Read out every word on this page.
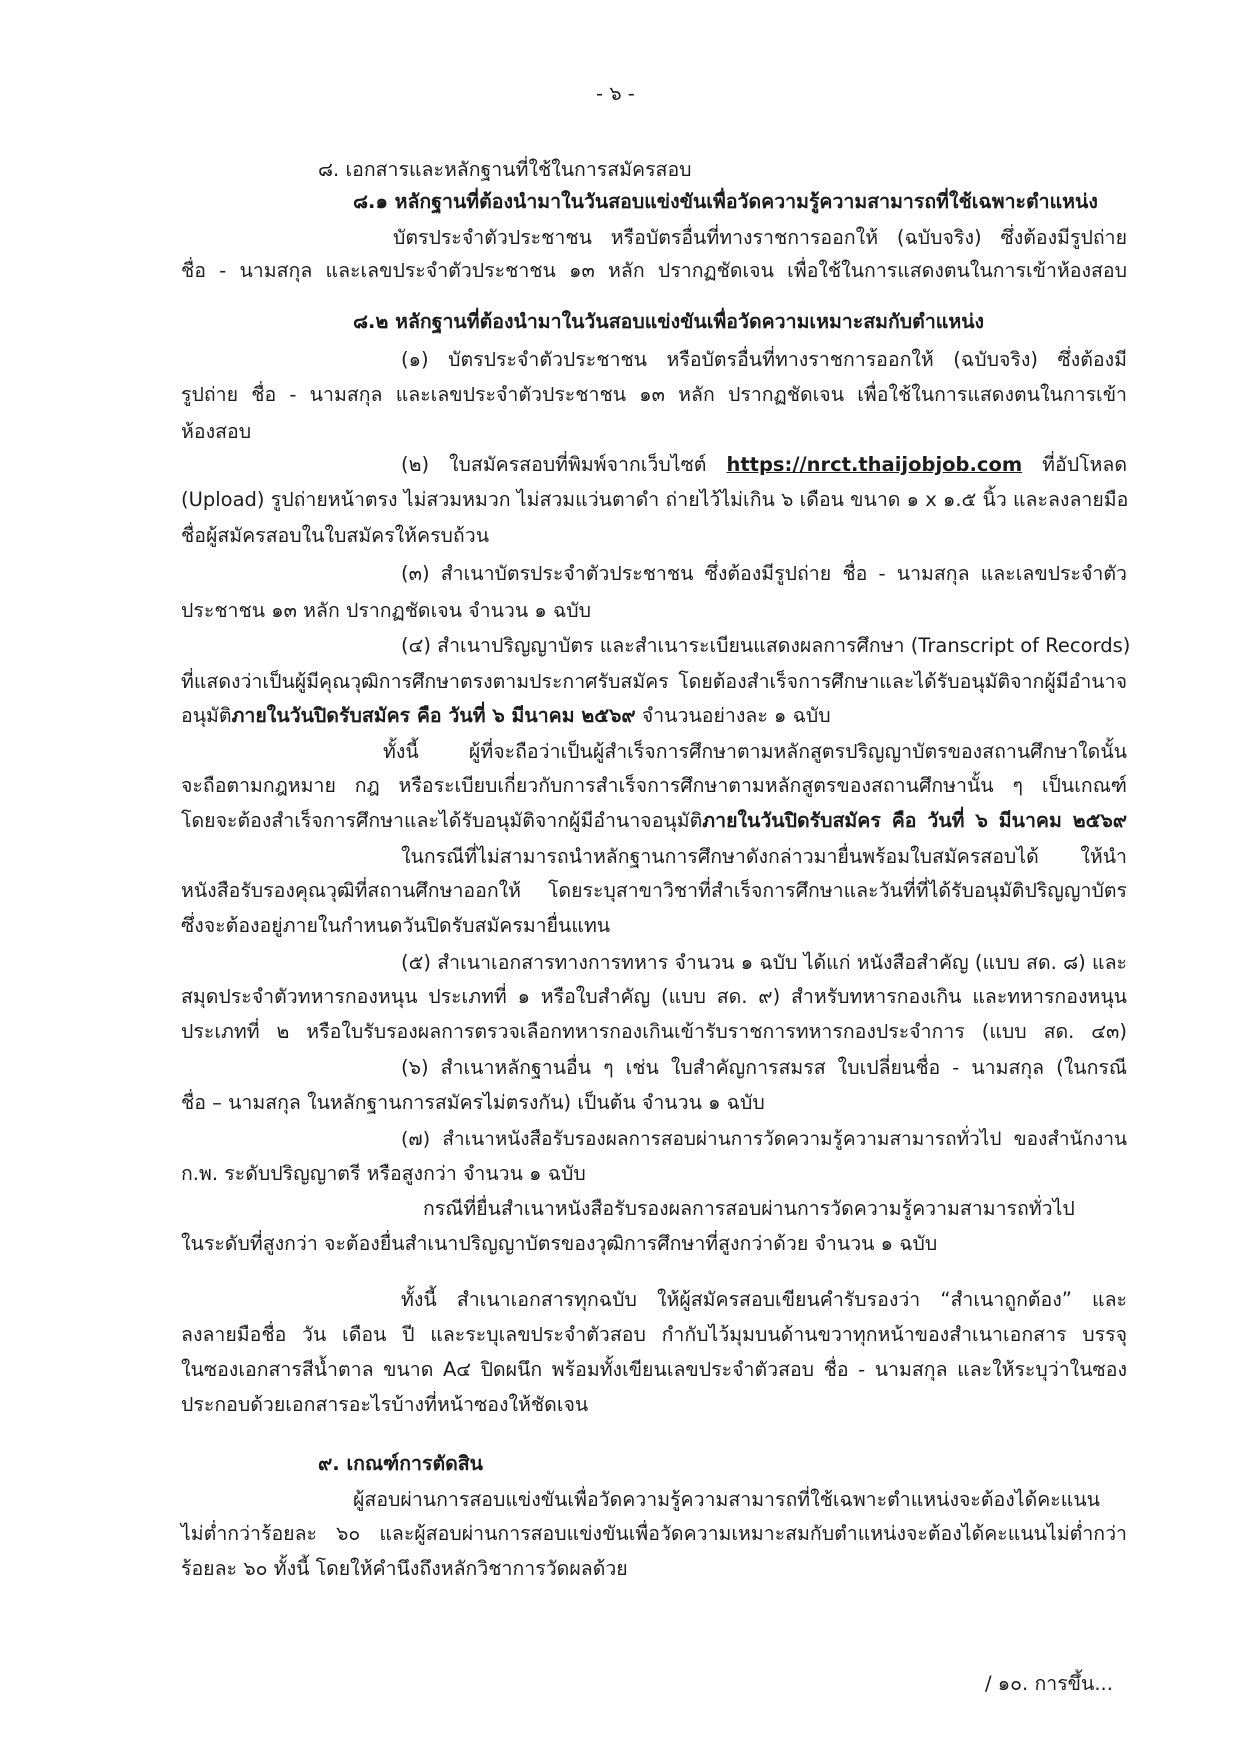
- ๖ -
๘. เอกสารและหลักฐานที่ใช้ในการสมัครสอบ
๘.๑ หลักฐานที่ต้องนำมาในวันสอบแข่งขันเพื่อวัดความรู้ความสามารถที่ใช้เฉพาะตำแหน่ง
บัตรประจำตัวประชาชน หรือบัตรอื่นที่ทางราชการออกให้ (ฉบับจริง) ซึ่งต้องมีรูปถ่าย
ชื่อ - นามสกุล และเลขประจำตัวประชาชน ๑๓ หลัก ปรากฏชัดเจน เพื่อใช้ในการแสดงตนในการเข้าห้องสอบ
๘.๒ หลักฐานที่ต้องนำมาในวันสอบแข่งขันเพื่อวัดความเหมาะสมกับตำแหน่ง
(๑) บัตรประจำตัวประชาชน หรือบัตรอื่นที่ทางราชการออกให้ (ฉบับจริง) ซึ่งต้องมี
รูปถ่าย ชื่อ - นามสกุล และเลขประจำตัวประชาชน ๑๓ หลัก ปรากฏชัดเจน เพื่อใช้ในการแสดงตนในการเข้า
ห้องสอบ
(๒) ใบสมัครสอบที่พิมพ์จากเว็บไซต์ https://nrct.thaijobjob.com ที่อัปโหลด
(Upload) รูปถ่ายหน้าตรง ไม่สวมหมวก ไม่สวมแว่นตาดำ ถ่ายไว้ไม่เกิน ๖ เดือน ขนาด ๑ x ๑.๕ นิ้ว และลงลายมือ
ชื่อผู้สมัครสอบในใบสมัครให้ครบถ้วน
(๓) สำเนาบัตรประจำตัวประชาชน ซึ่งต้องมีรูปถ่าย ชื่อ - นามสกุล และเลขประจำตัว
ประชาชน ๑๓ หลัก ปรากฏชัดเจน จำนวน ๑ ฉบับ
(๔) สำเนาปริญญาบัตร และสำเนาระเบียนแสดงผลการศึกษา (Transcript of Records)
ที่แสดงว่าเป็นผู้มีคุณวุฒิการศึกษาตรงตามประกาศรับสมัคร โดยต้องสำเร็จการศึกษาและได้รับอนุมัติจากผู้มีอำนาจ
อนุมัติภายในวันปิดรับสมัคร คือ วันที่ ๖ มีนาคม ๒๕๖๙ จำนวนอย่างละ ๑ ฉบับ
ทั้งนี้ ผู้ที่จะถือว่าเป็นผู้สำเร็จการศึกษาตามหลักสูตรปริญญาบัตรของสถานศึกษาใดนั้น
จะถือตามกฎหมาย กฎ หรือระเบียบเกี่ยวกับการสำเร็จการศึกษาตามหลักสูตรของสถานศึกษานั้น ๆ เป็นเกณฑ์
โดยจะต้องสำเร็จการศึกษาและได้รับอนุมัติจากผู้มีอำนาจอนุมัติภายในวันปิดรับสมัคร คือ วันที่ ๖ มีนาคม ๒๕๖๙
ในกรณีที่ไม่สามารถนำหลักฐานการศึกษาดังกล่าวมายื่นพร้อมใบสมัครสอบได้ ให้นำ
หนังสือรับรองคุณวุฒิที่สถานศึกษาออกให้ โดยระบุสาขาวิชาที่สำเร็จการศึกษาและวันที่ที่ได้รับอนุมัติปริญญาบัตร
ซึ่งจะต้องอยู่ภายในกำหนดวันปิดรับสมัครมายื่นแทน
(๕) สำเนาเอกสารทางการทหาร จำนวน ๑ ฉบับ ได้แก่ หนังสือสำคัญ (แบบ สด. ๘) และ
สมุดประจำตัวทหารกองหนุน ประเภทที่ ๑ หรือใบสำคัญ (แบบ สด. ๙) สำหรับทหารกองเกิน และทหารกองหนุน
ประเภทที่ ๒ หรือใบรับรองผลการตรวจเลือกทหารกองเกินเข้ารับราชการทหารกองประจำการ (แบบ สด. ๔๓)
(๖) สำเนาหลักฐานอื่น ๆ เช่น ใบสำคัญการสมรส ใบเปลี่ยนชื่อ - นามสกุล (ในกรณี
ชื่อ – นามสกุล ในหลักฐานการสมัครไม่ตรงกัน) เป็นต้น จำนวน ๑ ฉบับ
(๗) สำเนาหนังสือรับรองผลการสอบผ่านการวัดความรู้ความสามารถทั่วไป ของสำนักงาน
ก.พ. ระดับปริญญาตรี หรือสูงกว่า จำนวน ๑ ฉบับ
กรณีที่ยื่นสำเนาหนังสือรับรองผลการสอบผ่านการวัดความรู้ความสามารถทั่วไป
ในระดับที่สูงกว่า จะต้องยื่นสำเนาปริญญาบัตรของวุฒิการศึกษาที่สูงกว่าด้วย จำนวน ๑ ฉบับ
ทั้งนี้ สำเนาเอกสารทุกฉบับ ให้ผู้สมัครสอบเขียนคำรับรองว่า “สำเนาถูกต้อง” และ
ลงลายมือชื่อ วัน เดือน ปี และระบุเลขประจำตัวสอบ กำกับไว้มุมบนด้านขวาทุกหน้าของสำเนาเอกสาร บรรจุ
ในซองเอกสารสีน้ำตาล ขนาด A๔ ปิดผนึก พร้อมทั้งเขียนเลขประจำตัวสอบ ชื่อ - นามสกุล และให้ระบุว่าในซอง
ประกอบด้วยเอกสารอะไรบ้างที่หน้าซองให้ชัดเจน
๙. เกณฑ์การตัดสิน
ผู้สอบผ่านการสอบแข่งขันเพื่อวัดความรู้ความสามารถที่ใช้เฉพาะตำแหน่งจะต้องได้คะแนน
ไม่ต่ำกว่าร้อยละ ๖๐ และผู้สอบผ่านการสอบแข่งขันเพื่อวัดความเหมาะสมกับตำแหน่งจะต้องได้คะแนนไม่ต่ำกว่า
ร้อยละ ๖๐ ทั้งนี้ โดยให้คำนึงถึงหลักวิชาการวัดผลด้วย
/ ๑๐. การขึ้น...
